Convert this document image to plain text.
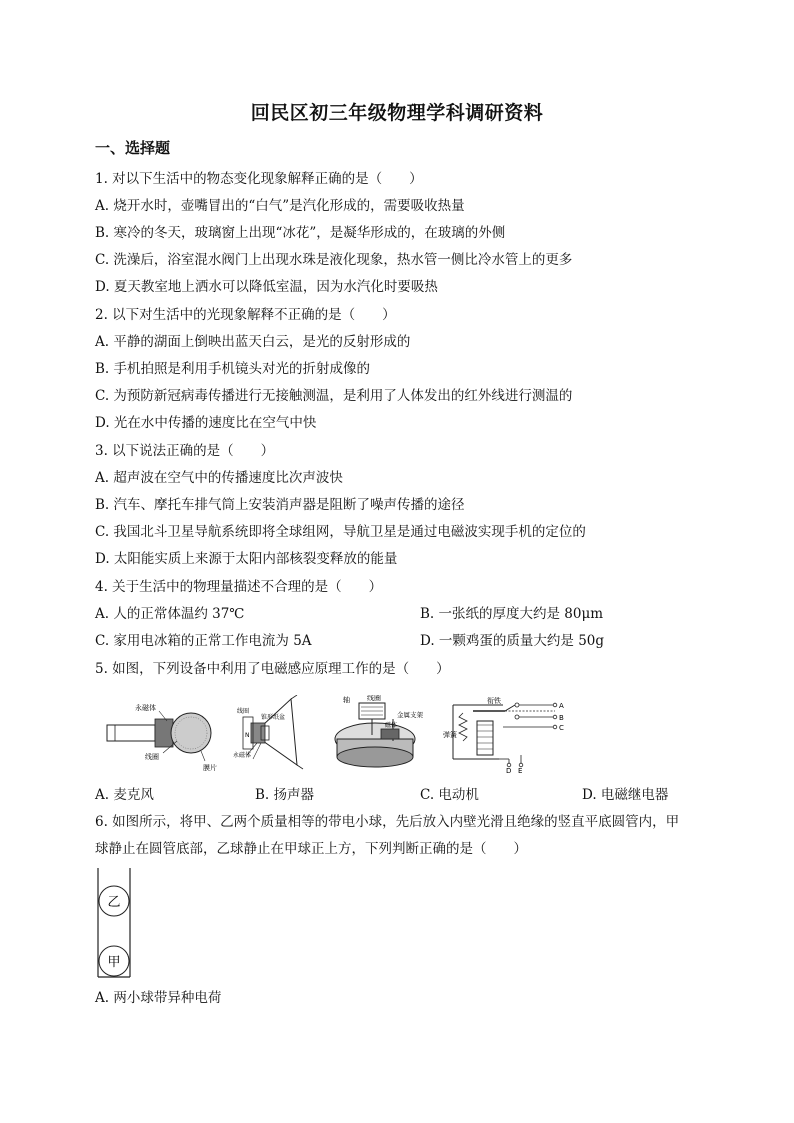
回民区初三年级物理学科调研资料
一、选择题
1. 对以下生活中的物态变化现象解释正确的是（　　）
A. 烧开水时，壶嘴冒出的“白气”是汽化形成的，需要吸收热量
B. 寒冷的冬天，玻璃窗上出现“冰花”，是凝华形成的，在玻璃的外侧
C. 洗澡后，浴室混水阀门上出现水珠是液化现象，热水管一侧比冷水管上的更多
D. 夏天教室地上洒水可以降低室温，因为水汽化时要吸热
2. 以下对生活中的光现象解释不正确的是（　　）
A. 平静的湖面上倒映出蓝天白云，是光的反射形成的
B. 手机拍照是利用手机镜头对光的折射成像的
C. 为预防新冠病毒传播进行无接触测温，是利用了人体发出的红外线进行测温的
D. 光在水中传播的速度比在空气中快
3. 以下说法正确的是（　　）
A. 超声波在空气中的传播速度比次声波快
B. 汽车、摩托车排气筒上安装消声器是阻断了噪声传播的途径
C. 我国北斗卫星导航系统即将全球组网，导航卫星是通过电磁波实现手机的定位的
D. 太阳能实质上来源于太阳内部核裂变释放的能量
4. 关于生活中的物理量描述不合理的是（　　）
A. 人的正常体温约 37℃	B. 一张纸的厚度大约是 80μm
C. 家用电冰箱的正常工作电流为 5A	D. 一颗鸡蛋的质量大约是 50g
5. 如图，下列设备中利用了电磁感应原理工作的是（　　）
永磁体
线圈
膜片
线圈
锥形纸盆
N
永磁体
轴 线圈
金属支架
磁体
衔铁
弹簧
A
B
C
D E
A. 麦克风	B. 扬声器	C. 电动机	D. 电磁继电器
6. 如图所示，将甲、乙两个质量相等的带电小球，先后放入内壁光滑且绝缘的竖直平底圆管内，甲
球静止在圆管底部，乙球静止在甲球正上方，下列判断正确的是（　　）
乙
甲
A. 两小球带异种电荷
